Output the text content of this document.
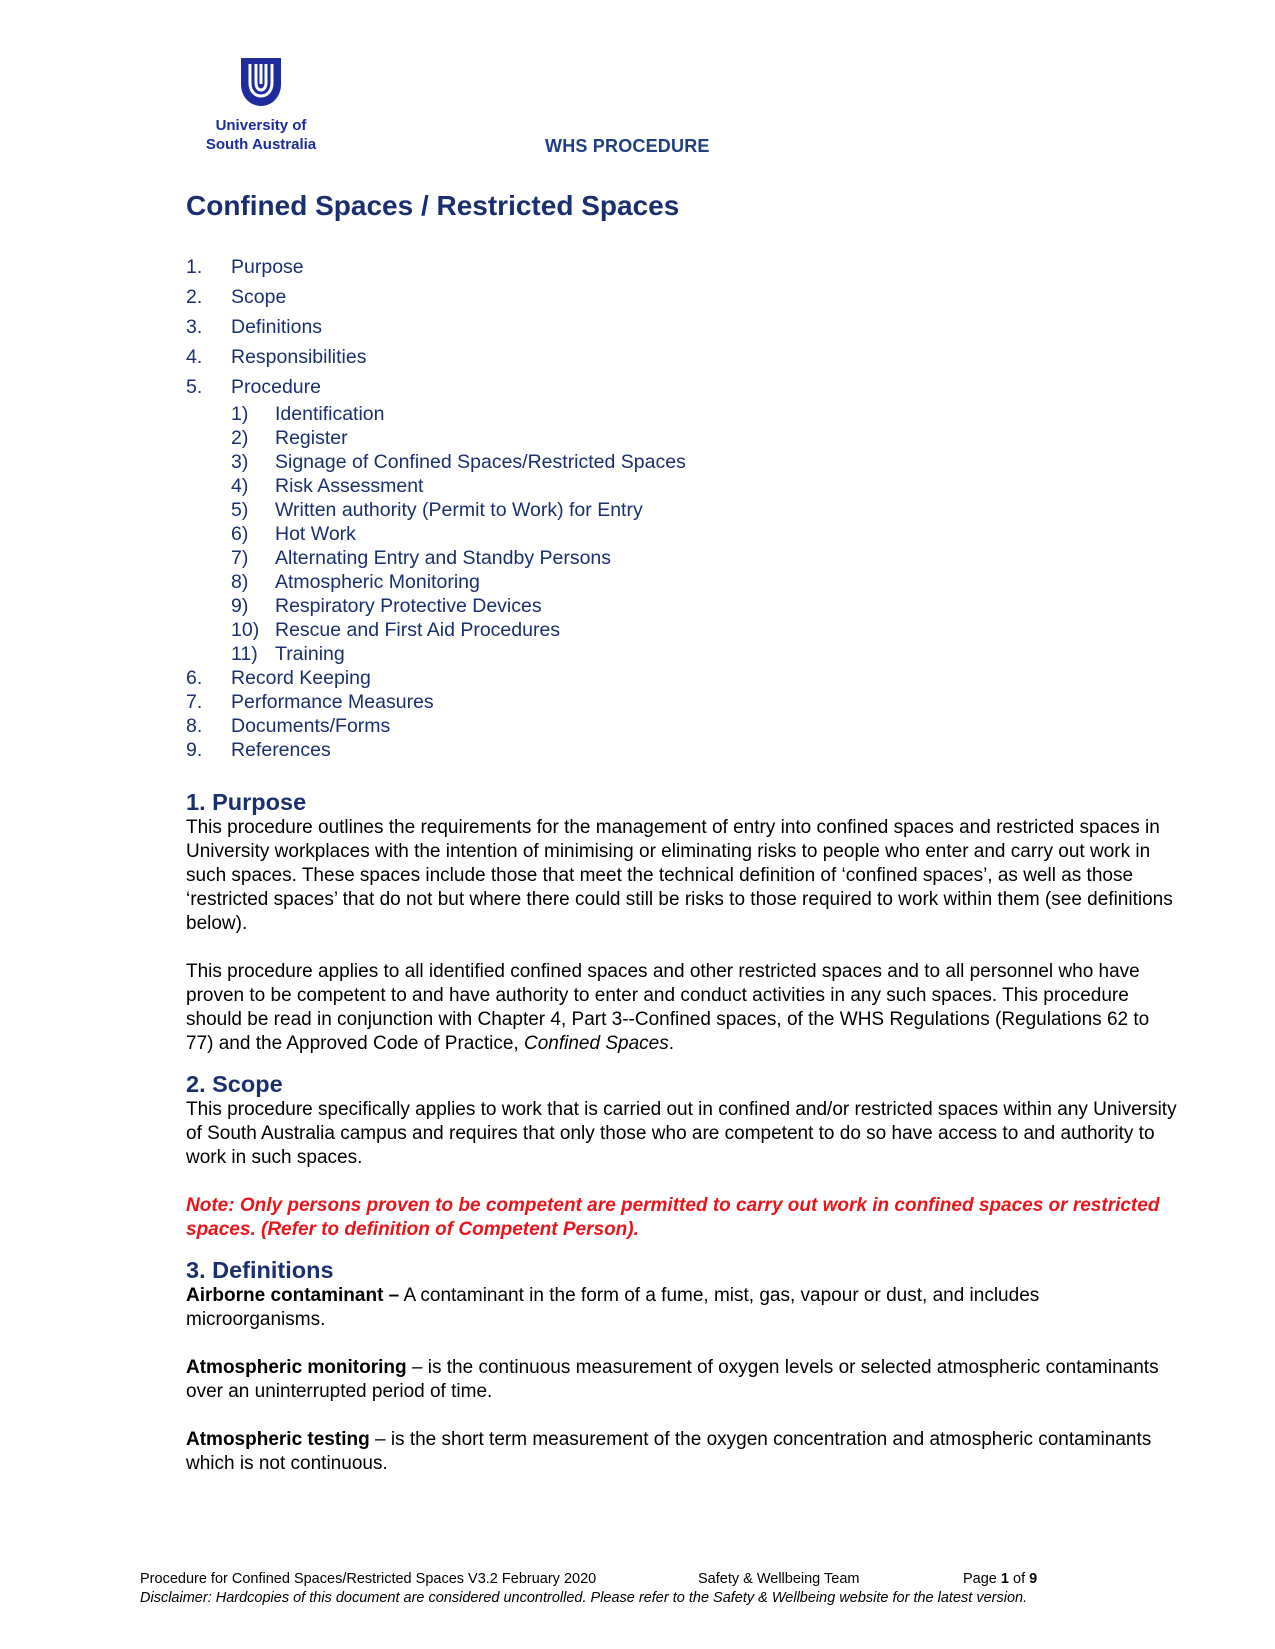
University of
South Australia	WHS PROCEDURE
Confined Spaces / Restricted Spaces
1.	Purpose
2.	Scope
3.	Definitions
4.	Responsibilities
5.	Procedure
1)	Identification
2)	Register
3)	Signage of Confined Spaces/Restricted Spaces
4)	Risk Assessment
5)	Written authority (Permit to Work) for Entry
6)	Hot Work
7)	Alternating Entry and Standby Persons
8)	Atmospheric Monitoring
9)	Respiratory Protective Devices
10) Rescue and First Aid Procedures
11) Training
6.	Record Keeping
7.	Performance Measures
8.	Documents/Forms
9.	References
1. Purpose

This procedure outlines the requirements for the management of entry into confined spaces and restricted spaces in University workplaces with the intention of minimising or eliminating risks to people who enter and carry out work in such spaces. These spaces include those that meet the technical definition of ‘confined spaces’, as well as those ‘restricted spaces’ that do not but where there could still be risks to those required to work within them (see definitions below).

This procedure applies to all identified confined spaces and other restricted spaces and to all personnel who have proven to be competent to and have authority to enter and conduct activities in any such spaces. This procedure should be read in conjunction with Chapter 4, Part 3--Confined spaces, of the WHS Regulations (Regulations 62 to 77) and the Approved Code of Practice, Confined Spaces.

2. Scope

This procedure specifically applies to work that is carried out in confined and/or restricted spaces within any University of South Australia campus and requires that only those who are competent to do so have access to and authority to work in such spaces.

Note: Only persons proven to be competent are permitted to carry out work in confined spaces or restricted spaces. (Refer to definition of Competent Person).

3. Definitions

Airborne contaminant – A contaminant in the form of a fume, mist, gas, vapour or dust, and includes microorganisms.

Atmospheric monitoring – is the continuous measurement of oxygen levels or selected atmospheric contaminants over an uninterrupted period of time.

Atmospheric testing – is the short term measurement of the oxygen concentration and atmospheric contaminants which is not continuous.

Procedure for Confined Spaces/Restricted Spaces V3.2 February 2020	Safety & Wellbeing Team	Page 1 of 9
Disclaimer: Hardcopies of this document are considered uncontrolled. Please refer to the Safety & Wellbeing website for the latest version.
